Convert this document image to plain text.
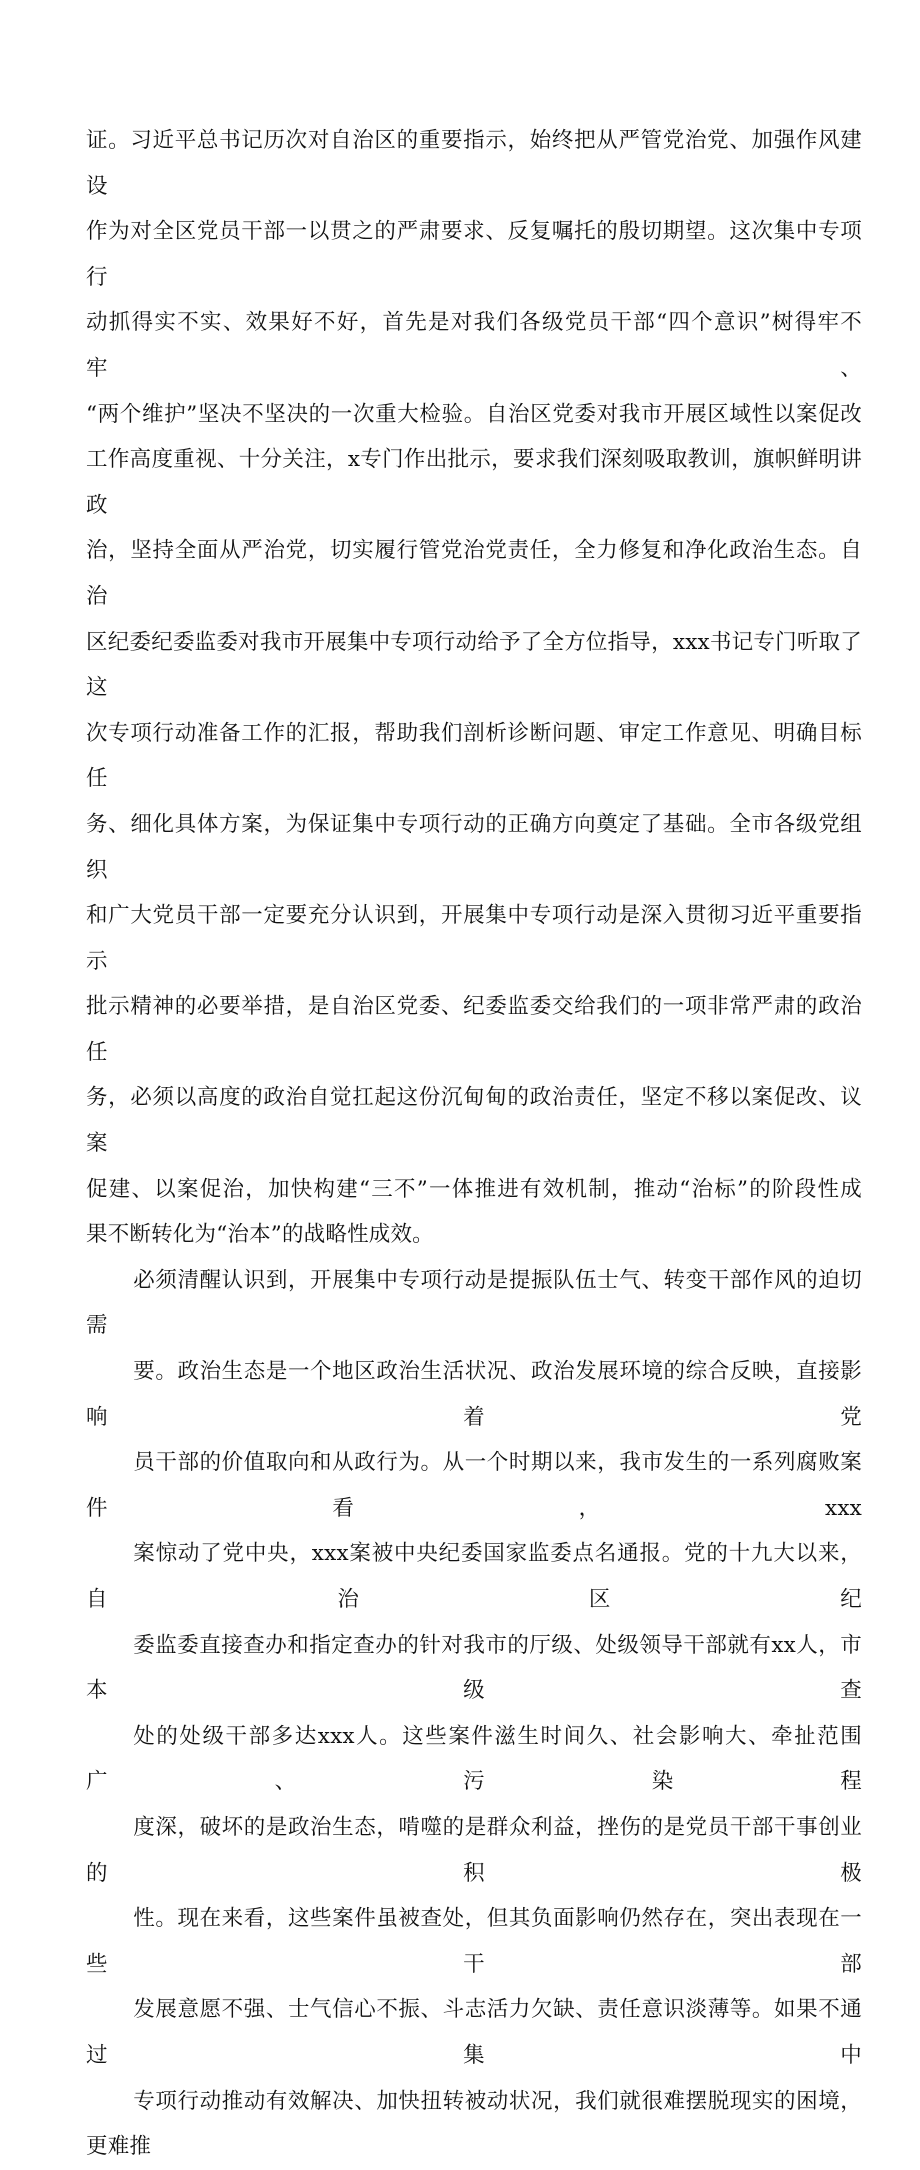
证。习近平总书记历次对自治区的重要指示，始终把从严管党治党、加强作风建设
作为对全区党员干部一以贯之的严肃要求、反复嘱托的殷切期望。这次集中专项行
动抓得实不实、效果好不好，首先是对我们各级党员干部“四个意识”树得牢不牢、
“两个维护”坚决不坚决的一次重大检验。自治区党委对我市开展区域性以案促改
工作高度重视、十分关注，x专门作出批示，要求我们深刻吸取教训，旗帜鲜明讲政
治，坚持全面从严治党，切实履行管党治党责任，全力修复和净化政治生态。自治
区纪委纪委监委对我市开展集中专项行动给予了全方位指导，xxx书记专门听取了这
次专项行动准备工作的汇报，帮助我们剖析诊断问题、审定工作意见、明确目标任
务、细化具体方案，为保证集中专项行动的正确方向奠定了基础。全市各级党组织
和广大党员干部一定要充分认识到，开展集中专项行动是深入贯彻习近平重要指示
批示精神的必要举措，是自治区党委、纪委监委交给我们的一项非常严肃的政治任
务，必须以高度的政治自觉扛起这份沉甸甸的政治责任，坚定不移以案促改、议案
促建、以案促治，加快构建“三不”一体推进有效机制，推动“治标”的阶段性成
果不断转化为“治本”的战略性成效。
必须清醒认识到，开展集中专项行动是提振队伍士气、转变干部作风的迫切需
要。政治生态是一个地区政治生活状况、政治发展环境的综合反映，直接影响着党
员干部的价值取向和从政行为。从一个时期以来，我市发生的一系列腐败案件看，xxx
案惊动了党中央，xxx案被中央纪委国家监委点名通报。党的十九大以来，自治区纪
委监委直接查办和指定查办的针对我市的厅级、处级领导干部就有xx人，市本级查
处的处级干部多达xxx人。这些案件滋生时间久、社会影响大、牵扯范围广、污染程
度深，破坏的是政治生态，啃噬的是群众利益，挫伤的是党员干部干事创业的积极
性。现在来看，这些案件虽被查处，但其负面影响仍然存在，突出表现在一些干部
发展意愿不强、士气信心不振、斗志活力欠缺、责任意识淡薄等。如果不通过集中
专项行动推动有效解决、加快扭转被动状况，我们就很难摆脱现实的困境，更难推
